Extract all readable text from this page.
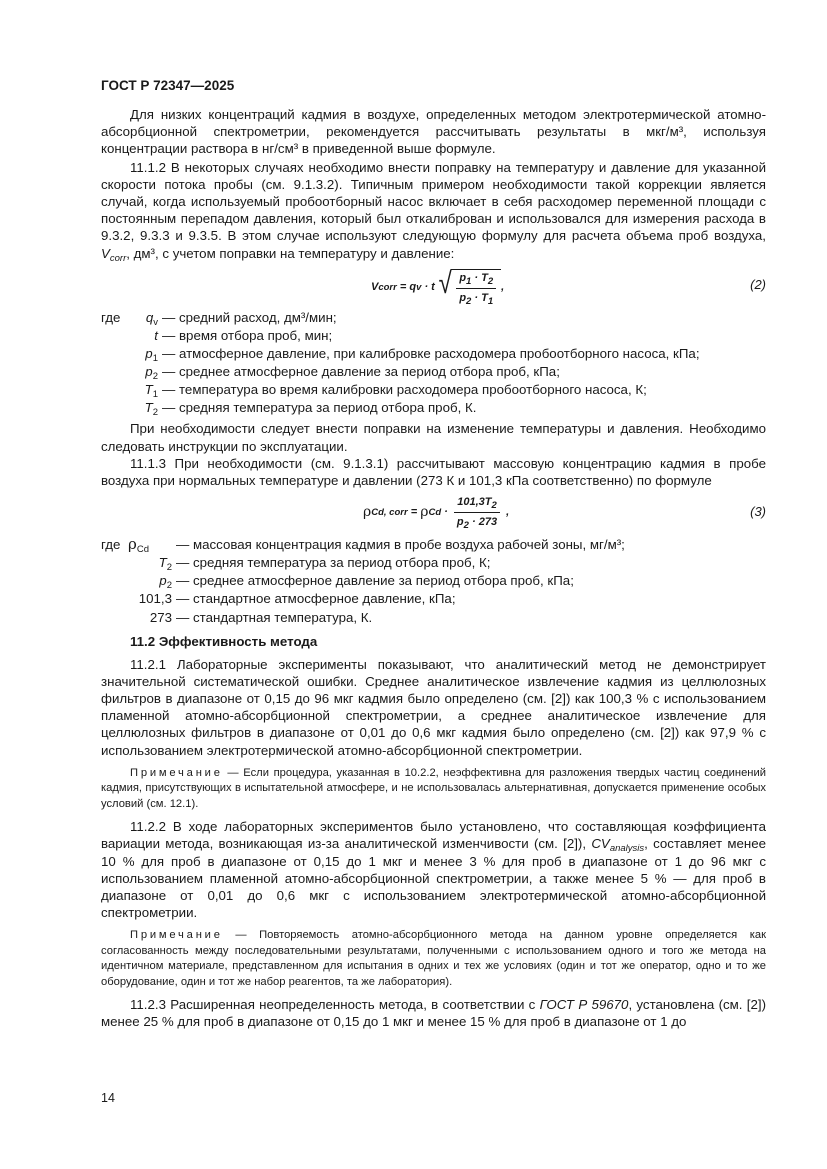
ГОСТ Р 72347—2025

Для низких концентраций кадмия в воздухе, определенных методом электротермической атомно-абсорбционной спектрометрии, рекомендуется рассчитывать результаты в мкг/м³, используя концентрации раствора в нг/см³ в приведенной выше формуле.

11.1.2 В некоторых случаях необходимо внести поправку на температуру и давление для указанной скорости потока пробы (см. 9.1.3.2). Типичным примером необходимости такой коррекции является случай, когда используемый пробоотборный насос включает в себя расходомер переменной площади с постоянным перепадом давления, который был откалиброван и использовался для измерения расхода в 9.3.2, 9.3.3 и 9.3.5. В этом случае используют следующую формулу для расчета объема проб воздуха, $V_{corr}$, дм³, с учетом поправки на температуру и давление:

V corr = q v · t √ $\frac{p_1 \cdot T_2}{p_2 \cdot T_1}$ ,	(2)
где	$q_v$ — средний расход, дм³/мин;
t — время отбора проб, мин;
$p_1$ — атмосферное давление, при калибровке расходомера пробоотборного насоса, кПа;
$p_2$ — среднее атмосферное давление за период отбора проб, кПа;
$T_1$ — температура во время калибровки расходомера пробоотборного насоса, К;
$T_2$ — средняя температура за период отбора проб, К.

При необходимости следует внести поправки на изменение температуры и давления. Необходимо следовать инструкции по эксплуатации.

11.1.3 При необходимости (см. 9.1.3.1) рассчитывают массовую концентрацию кадмия в пробе воздуха при нормальных температуре и давлении (273 К и 101,3 кПа соответственно) по формуле

ρ Cd, corr = ρ $Cd \cdot \frac{101,3T_2}{p_2 \cdot 273}$ ,	(3)
где $\rho_{Cd}$	— массовая концентрация кадмия в пробе воздуха рабочей зоны, мг/м³;
$T_2$ — средняя температура за период отбора проб, К;
$p_2$ — среднее атмосферное давление за период отбора проб, кПа;
101,3 — стандартное атмосферное давление, кПа;
273 — стандартная температура, К.
11.2 Эффективность метода

11.2.1 Лабораторные эксперименты показывают, что аналитический метод не демонстрирует значительной систематической ошибки. Среднее аналитическое извлечение кадмия из целлюлозных фильтров в диапазоне от 0,15 до 96 мкг кадмия было определено (см. [2]) как 100,3 % с использованием пламенной атомно-абсорбционной спектрометрии, а среднее аналитическое извлечение для целлюлозных фильтров в диапазоне от 0,01 до 0,6 мкг кадмия было определено (см. [2]) как 97,9 % с использованием электротермической атомно-абсорбционной спектрометрии.

Примечание — Если процедура, указанная в 10.2.2, неэффективна для разложения твердых частиц соединений кадмия, присутствующих в испытательной атмосфере, и не использовалась альтернативная, допускается применение особых условий (см. 12.1).

11.2.2 В ходе лабораторных экспериментов было установлено, что составляющая коэффициента вариации метода, возникающая из-за аналитической изменчивости (см. [2]), $CV_{analysis}$, составляет менее 10 % для проб в диапазоне от 0,15 до 1 мкг и менее 3 % для проб в диапазоне от 1 до 96 мкг с использованием пламенной атомно-абсорбционной спектрометрии, а также менее 5 % — для проб в диапазоне от 0,01 до 0,6 мкг с использованием электротермической атомно-абсорбционной спектрометрии.

Примечание — Повторяемость атомно-абсорбционного метода на данном уровне определяется как согласованность между последовательными результатами, полученными с использованием одного и того же метода на идентичном материале, представленном для испытания в одних и тех же условиях (один и тот же оператор, одно и то же оборудование, один и тот же набор реагентов, та же лаборатория).

11.2.3 Расширенная неопределенность метода, в соответствии с ГОСТ Р 59670, установлена (см. [2]) менее 25 % для проб в диапазоне от 0,15 до 1 мкг и менее 15 % для проб в диапазоне от 1 до

14
